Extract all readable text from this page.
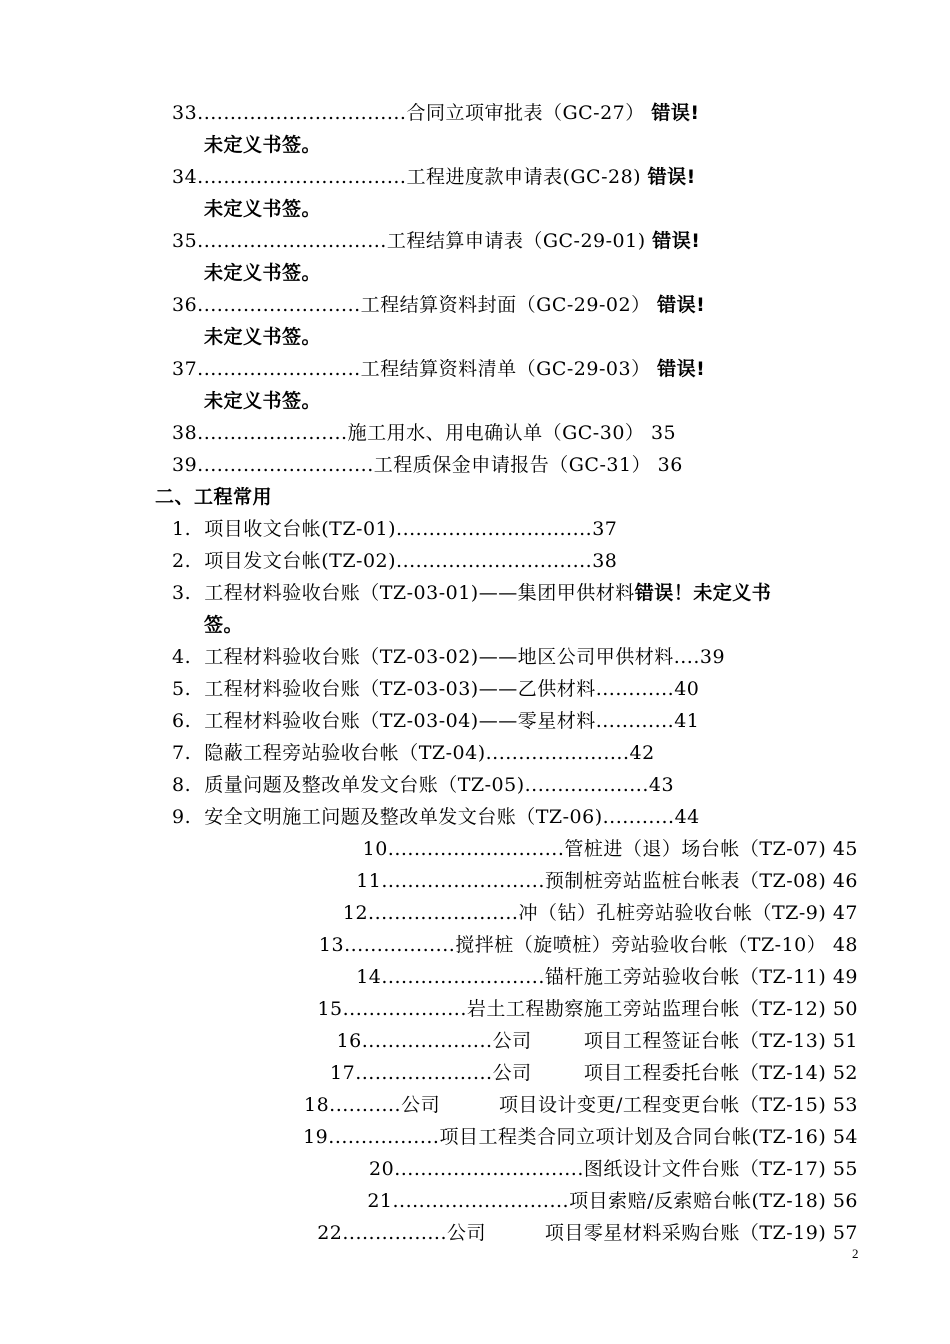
33................................合同立项审批表（GC-27） 错误!
未定义书签。
34................................工程进度款申请表(GC-28) 错误!
未定义书签。
35.............................工程结算申请表（GC-29-01) 错误!
未定义书签。
36.........................工程结算资料封面（GC-29-02） 错误!
未定义书签。
37.........................工程结算资料清单（GC-29-03） 错误!
未定义书签。
38.......................施工用水、用电确认单（GC-30） 35
39...........................工程质保金申请报告（GC-31） 36
二、工程常用
1. 项目收文台帐(TZ-01)..............................37
2. 项目发文台帐(TZ-02)..............................38
3. 工程材料验收台账（TZ-03-01)——集团甲供材料错误！未定义书
签。
4. 工程材料验收台账（TZ-03-02)——地区公司甲供材料....39
5. 工程材料验收台账（TZ-03-03)——乙供材料............40
6. 工程材料验收台账（TZ-03-04)——零星材料............41
7. 隐蔽工程旁站验收台帐（TZ-04)......................42
8. 质量问题及整改单发文台账（TZ-05)...................43
9. 安全文明施工问题及整改单发文台账（TZ-06)...........44
10...........................管桩进（退）场台帐（TZ-07) 45
11.........................预制桩旁站监桩台帐表（TZ-08) 46
12.......................冲（钻）孔桩旁站验收台帐（TZ-9) 47
13.................搅拌桩（旋喷桩）旁站验收台帐（TZ-10） 48
14.........................锚杆施工旁站验收台帐（TZ-11) 49
15...................岩土工程勘察施工旁站监理台帐（TZ-12) 50
16....................公司        项目工程签证台帐（TZ-13) 51
17.....................公司        项目工程委托台帐（TZ-14) 52
18...........公司         项目设计变更/工程变更台帐（TZ-15) 53
19.................项目工程类合同立项计划及合同台帐(TZ-16) 54
20.............................图纸设计文件台账（TZ-17) 55
21...........................项目索赔/反索赔台帐(TZ-18) 56
22................公司         项目零星材料采购台账（TZ-19) 57
2
